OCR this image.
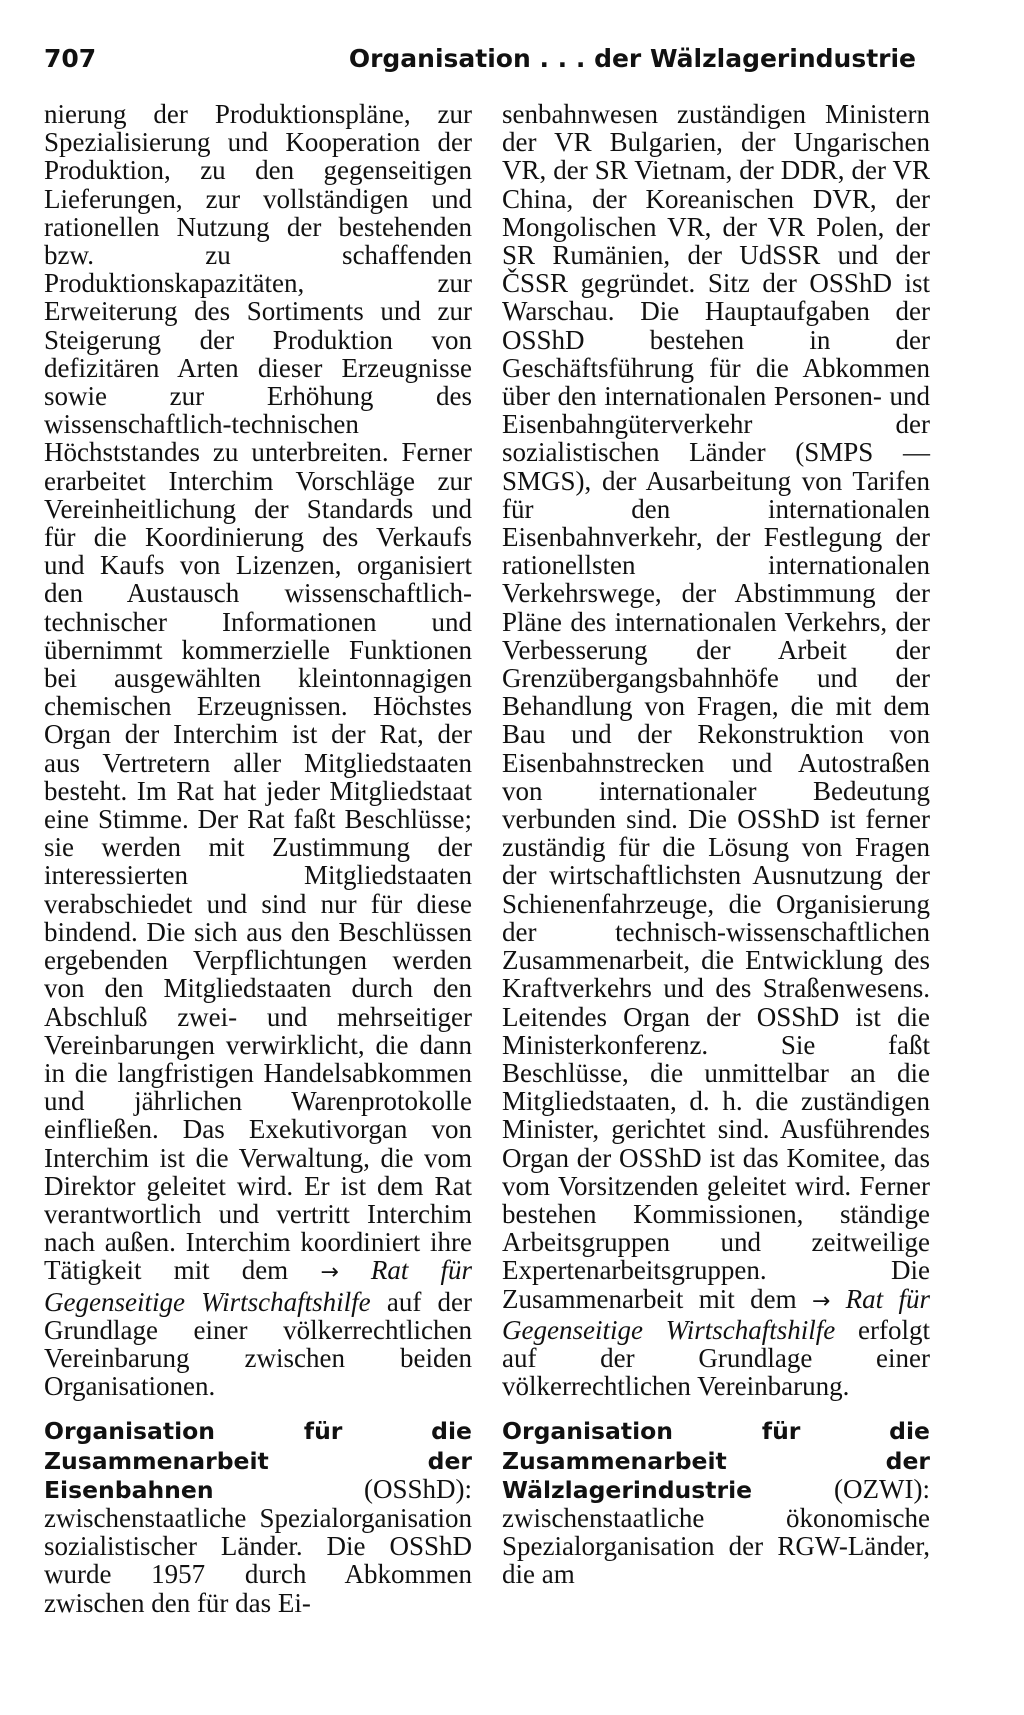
707	Organisation . . . der Wälzlagerindustrie

nierung der Produktionspläne, zur Spezialisierung und Kooperation der Produktion, zu den gegenseitigen Lieferungen, zur vollständigen und rationellen Nutzung der bestehenden bzw. zu schaffenden Produktionskapazitäten, zur Erweiterung des Sortiments und zur Steigerung der Produktion von defizitären Arten dieser Erzeugnisse sowie zur Erhöhung des wissenschaftlich-technischen Höchststandes zu unterbreiten. Ferner erarbeitet Interchim Vorschläge zur Vereinheitlichung der Standards und für die Koordinierung des Verkaufs und Kaufs von Lizenzen, organisiert den Austausch wissenschaftlich-technischer Informationen und übernimmt kommerzielle Funktionen bei ausgewählten kleintonnagigen chemischen Erzeugnissen. Höchstes Organ der Interchim ist der Rat, der aus Vertretern aller Mitgliedstaaten besteht. Im Rat hat jeder Mitgliedstaat eine Stimme. Der Rat faßt Beschlüsse; sie werden mit Zustimmung der interessierten Mitgliedstaaten verabschiedet und sind nur für diese bindend. Die sich aus den Beschlüssen ergebenden Verpflichtungen werden von den Mitgliedstaaten durch den Abschluß zwei- und mehrseitiger Vereinbarungen verwirklicht, die dann in die langfristigen Handelsabkommen und jährlichen Warenprotokolle einfließen. Das Exekutivorgan von Interchim ist die Verwaltung, die vom Direktor geleitet wird. Er ist dem Rat verantwortlich und vertritt Interchim nach außen. Interchim koordiniert ihre Tätigkeit mit dem → Rat für Gegenseitige Wirtschaftshilfe auf der Grundlage einer völkerrechtlichen Vereinbarung zwischen beiden Organisationen.

Organisation für die Zusammenarbeit der Eisenbahnen	(OSShD): zwischenstaatliche Spezialorganisation sozialistischer Länder. Die OSShD wurde 1957 durch Abkommen zwischen den für das Ei-

senbahnwesen zuständigen Ministern der VR Bulgarien, der Ungarischen VR, der SR Vietnam, der DDR, der VR China, der Koreanischen DVR, der Mongolischen VR, der VR Polen, der SR Rumänien, der UdSSR und der ČSSR gegründet. Sitz der OSShD ist Warschau. Die Hauptaufgaben der OSShD bestehen in der Geschäftsführung für die Abkommen über den internationalen Personen- und Eisenbahngüterverkehr der sozialistischen Länder (SMPS — SMGS), der Ausarbeitung von Tarifen für den internationalen Eisenbahnverkehr, der Festlegung der rationellsten internationalen Verkehrswege, der Abstimmung der Pläne des internationalen Verkehrs, der Verbesserung der Arbeit der Grenzübergangsbahnhöfe und der Behandlung von Fragen, die mit dem Bau und der Rekonstruktion von Eisenbahnstrecken und Autostraßen von internationaler Bedeutung verbunden sind. Die OSShD ist ferner zuständig für die Lösung von Fragen der wirtschaftlichsten Ausnutzung der Schienenfahrzeuge, die Organisierung der technisch-wissenschaftlichen Zusammenarbeit, die Entwicklung des Kraftverkehrs und des Straßenwesens. Leitendes Organ der OSShD ist die Ministerkonferenz. Sie faßt Beschlüsse, die unmittelbar an die Mitgliedstaaten, d. h. die zuständigen Minister, gerichtet sind. Ausführendes Organ der OSShD ist das Komitee, das vom Vorsitzenden geleitet wird. Ferner bestehen Kommissionen, ständige Arbeitsgruppen und zeitweilige Expertenarbeitsgruppen. Die Zusammenarbeit mit dem → Rat für Gegenseitige Wirtschaftshilfe erfolgt auf der Grundlage einer völkerrechtlichen Vereinbarung.

Organisation für die Zusammenarbeit der Wälzlagerindustrie	(OZWI): zwischenstaatliche ökonomische Spezialorganisation der RGW-Länder, die am
